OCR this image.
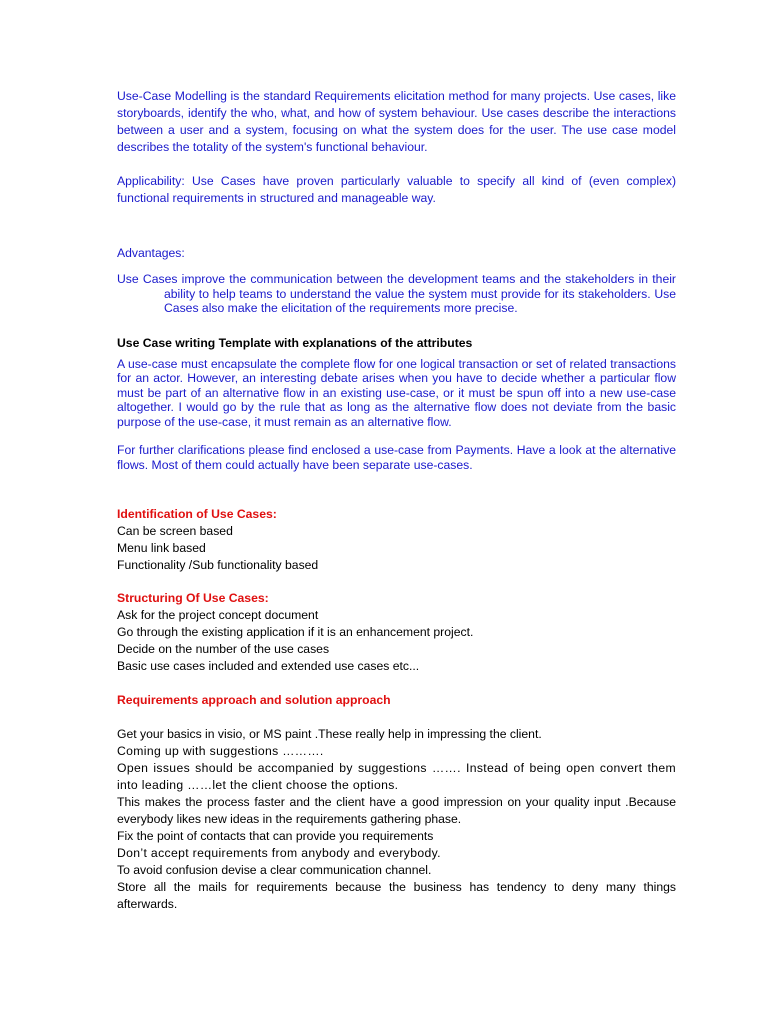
Use-Case Modelling is the standard Requirements elicitation method for many projects. Use cases, like storyboards, identify the who, what, and how of system behaviour. Use cases describe the interactions between a user and a system, focusing on what the system does for the user. The use case model describes the totality of the system's functional behaviour.

Applicability: Use Cases have proven particularly valuable to specify all kind of (even complex) functional requirements in structured and manageable way.

Advantages:

Use Cases improve the communication between the development teams and the stakeholders in their ability to help teams to understand the value the system must provide for its stakeholders. Use Cases also make the elicitation of the requirements more precise.

Use Case writing Template with explanations of the attributes

A use-case must encapsulate the complete flow for one logical transaction or set of related transactions for an actor. However, an interesting debate arises when you have to decide whether a particular flow must be part of an alternative flow in an existing use-case, or it must be spun off into a new use-case altogether. I would go by the rule that as long as the alternative flow does not deviate from the basic purpose of the use-case, it must remain as an alternative flow.

For further clarifications please find enclosed a use-case from Payments. Have a look at the alternative flows. Most of them could actually have been separate use-cases.

Identification of Use Cases:

Can be screen based

Menu link based

Functionality /Sub functionality based

Structuring Of Use Cases:

Ask for the project concept document

Go through the existing application if it is an enhancement project.

Decide on the number of the use cases

Basic use cases included and extended use cases etc...

Requirements approach and solution approach

Get your basics in visio, or MS paint .These really help in impressing the client.

Coming up with suggestions ……….

Open issues should be accompanied by suggestions ……. Instead of being open convert them into leading ……let the client choose the options.

This makes the process faster and the client have a good impression on your quality input .Because everybody likes new ideas in the requirements gathering phase.

Fix the point of contacts that can provide you requirements

Don’t accept requirements from anybody and everybody.

To avoid confusion devise a clear communication channel.

Store all the mails for requirements because the business has tendency to deny many things afterwards.
